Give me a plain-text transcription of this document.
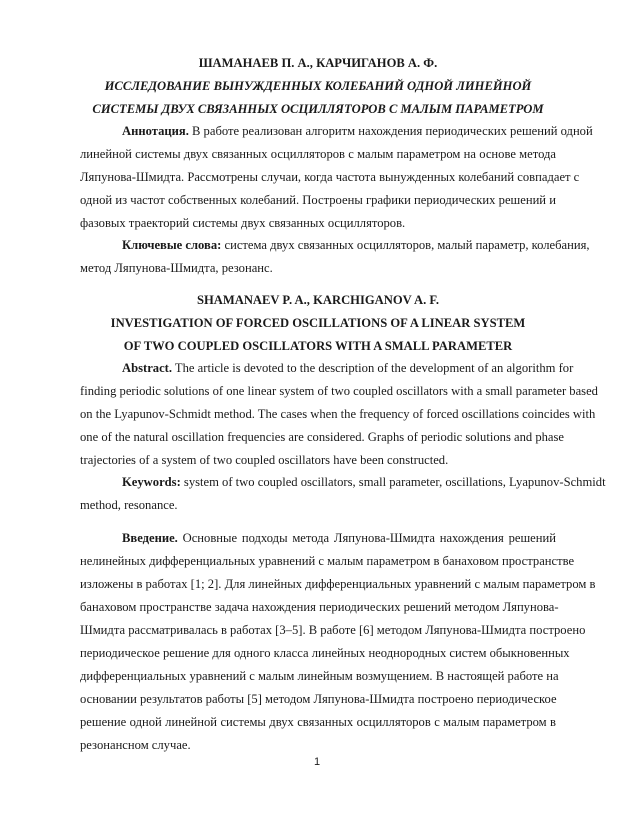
ШАМАНАЕВ П. А., КАРЧИГАНОВ А. Ф.
ИССЛЕДОВАНИЕ ВЫНУЖДЕННЫХ КОЛЕБАНИЙ ОДНОЙ ЛИНЕЙНОЙ
СИСТЕМЫ ДВУХ СВЯЗАННЫХ ОСЦИЛЛЯТОРОВ С МАЛЫМ ПАРАМЕТРОМ
Аннотация. В работе реализован алгоритм нахождения периодических решений одной
линейной системы двух связанных осцилляторов с малым параметром на основе метода
Ляпунова-Шмидта. Рассмотрены случаи, когда частота вынужденных колебаний совпадает с
одной из частот собственных колебаний. Построены графики периодических решений и
фазовых траекторий системы двух связанных осцилляторов.
Ключевые слова: система двух связанных осцилляторов, малый параметр, колебания,
метод Ляпунова-Шмидта, резонанс.
SHAMANAEV P. A., KARCHIGANOV A. F.
INVESTIGATION OF FORCED OSCILLATIONS OF A LINEAR SYSTEM
OF TWO COUPLED OSCILLATORS WITH A SMALL PARAMETER
Abstract. The article is devoted to the description of the development of an algorithm for
finding periodic solutions of one linear system of two coupled oscillators with a small parameter based
on the Lyapunov-Schmidt method. The cases when the frequency of forced oscillations coincides with
one of the natural oscillation frequencies are considered. Graphs of periodic solutions and phase
trajectories of a system of two coupled oscillators have been constructed.
Keywords: system of two coupled oscillators, small parameter, oscillations, Lyapunov-Schmidt
method, resonance.
Введение. Основные подходы метода Ляпунова-Шмидта нахождения решений
нелинейных дифференциальных уравнений с малым параметром в банаховом пространстве
изложены в работах [1; 2]. Для линейных дифференциальных уравнений с малым параметром в
банаховом пространстве задача нахождения периодических решений методом Ляпунова-
Шмидта рассматривалась в работах [3–5]. В работе [6] методом Ляпунова-Шмидта построено
периодическое решение для одного класса линейных неоднородных систем обыкновенных
дифференциальных уравнений с малым линейным возмущением. В настоящей работе на
основании результатов работы [5] методом Ляпунова-Шмидта построено периодическое
решение одной линейной системы двух связанных осцилляторов с малым параметром в
резонансном случае.
1
